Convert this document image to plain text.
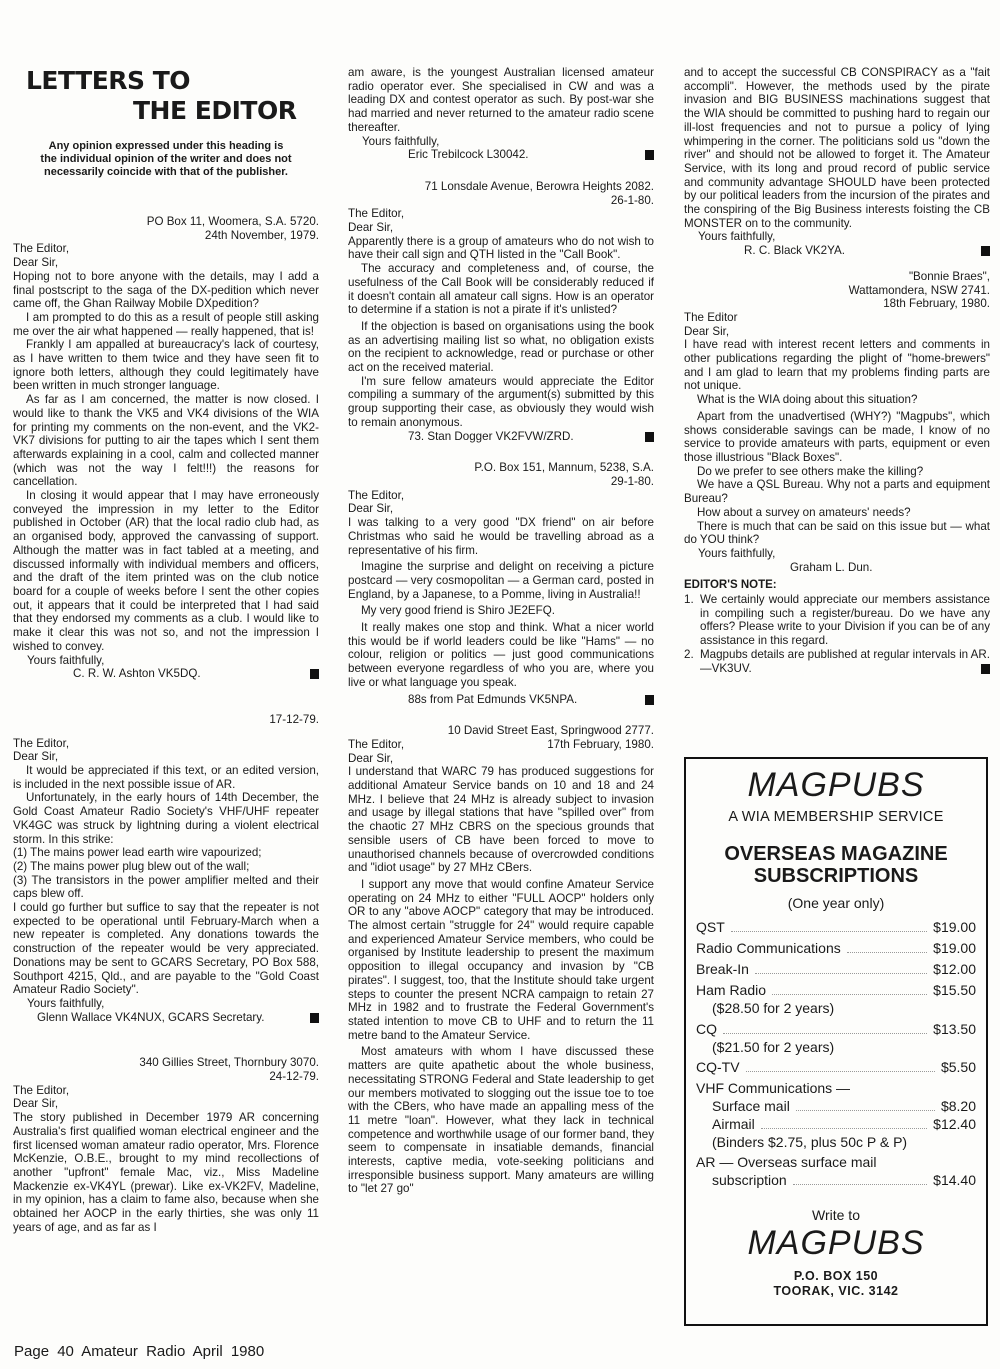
LETTERS TO
THE EDITOR
Any opinion expressed under this heading is the individual opinion of the writer and does not necessarily coincide with that of the publisher.
PO Box 11, Woomera, S.A. 5720.
24th November, 1979.
The Editor,
Dear Sir,
Hoping not to bore anyone with the details, may I add a final postscript to the saga of the DX-pedition which never came off, the Ghan Railway Mobile DXpedition?
I am prompted to do this as a result of people still asking me over the air what happened — really happened, that is!
Frankly I am appalled at bureaucracy's lack of courtesy, as I have written to them twice and they have seen fit to ignore both letters, although they could legitimately have been written in much stronger language.
As far as I am concerned, the matter is now closed. I would like to thank the VK5 and VK4 divisions of the WIA for printing my comments on the non-event, and the VK2-VK7 divisions for putting to air the tapes which I sent them afterwards explaining in a cool, calm and collected manner (which was not the way I felt!!!) the reasons for cancellation.
In closing it would appear that I may have erroneously conveyed the impression in my letter to the Editor published in October (AR) that the local radio club had, as an organised body, approved the canvassing of support. Although the matter was in fact tabled at a meeting, and discussed informally with individual members and officers, and the draft of the item printed was on the club notice board for a couple of weeks before I sent the other copies out, it appears that it could be interpreted that I had said that they endorsed my comments as a club. I would like to make it clear this was not so, and not the impression I wished to convey.
Yours faithfully,
C. R. W. Ashton VK5DQ.
17-12-79.
The Editor,
Dear Sir,
It would be appreciated if this text, or an edited version, is included in the next possible issue of AR.
Unfortunately, in the early hours of 14th December, the Gold Coast Amateur Radio Society's VHF/UHF repeater VK4GC was struck by lightning during a violent electrical storm. In this strike:
(1) The mains power lead earth wire vapourized;
(2) The mains power plug blew out of the wall;
(3) The transistors in the power amplifier melted and their caps blew off.
I could go further but suffice to say that the repeater is not expected to be operational until February-March when a new repeater is completed. Any donations towards the construction of the repeater would be very appreciated. Donations may be sent to GCARS Secretary, PO Box 588, Southport 4215, Qld., and are payable to the "Gold Coast Amateur Radio Society".
Yours faithfully,
Glenn Wallace VK4NUX, GCARS Secretary.
340 Gillies Street, Thornbury 3070.
24-12-79.
The Editor,
Dear Sir,
The story published in December 1979 AR concerning Australia's first qualified woman electrical engineer and the first licensed woman amateur radio operator, Mrs. Florence McKenzie, O.B.E., brought to my mind recollections of another "upfront" female Mac, viz., Miss Madeline Mackenzie ex-VK4YL (prewar). Like ex-VK2FV, Madeline, in my opinion, has a claim to fame also, because when she obtained her AOCP in the early thirties, she was only 11 years of age, and as far as I
am aware, is the youngest Australian licensed amateur radio operator ever. She specialised in CW and was a leading DX and contest operator as such. By post-war she had married and never returned to the amateur radio scene thereafter.
Yours faithfully,
Eric Trebilcock L30042.
71 Lonsdale Avenue, Berowra Heights 2082.
26-1-80.
The Editor,
Dear Sir,
Apparently there is a group of amateurs who do not wish to have their call sign and QTH listed in the "Call Book".
The accuracy and completeness and, of course, the usefulness of the Call Book will be considerably reduced if it doesn't contain all amateur call signs. How is an operator to determine if a station is not a pirate if it's unlisted?
If the objection is based on organisations using the book as an advertising mailing list so what, no obligation exists on the recipient to acknowledge, read or purchase or other act on the received material.
I'm sure fellow amateurs would appreciate the Editor compiling a summary of the argument(s) submitted by this group supporting their case, as obviously they would wish to remain anonymous.
73. Stan Dogger VK2FVW/ZRD.
P.O. Box 151, Mannum, 5238, S.A.
29-1-80.
The Editor,
Dear Sir,
I was talking to a very good "DX friend" on air before Christmas who said he would be travelling abroad as a representative of his firm.
Imagine the surprise and delight on receiving a picture postcard — very cosmopolitan — a German card, posted in England, by a Japanese, to a Pomme, living in Australia!!
My very good friend is Shiro JE2EFQ.
It really makes one stop and think. What a nicer world this would be if world leaders could be like "Hams" — no colour, religion or politics — just good communications between everyone regardless of who you are, where you live or what language you speak.
88s from Pat Edmunds VK5NPA.
10 David Street East, Springwood 2777.
The Editor,	17th February, 1980.
Dear Sir,
I understand that WARC 79 has produced suggestions for additional Amateur Service bands on 10 and 18 and 24 MHz. I believe that 24 MHz is already subject to invasion and usage by illegal stations that have "spilled over" from the chaotic 27 MHz CBRS on the specious grounds that sensible users of CB have been forced to move to unauthorised channels because of overcrowded conditions and "idiot usage" by 27 MHz CBers.
I support any move that would confine Amateur Service operating on 24 MHz to either "FULL AOCP" holders only OR to any "above AOCP" category that may be introduced. The almost certain "struggle for 24" would require capable and experienced Amateur Service members, who could be organised by Institute leadership to present the maximum opposition to illegal occupancy and invasion by "CB pirates". I suggest, too, that the Institute should take urgent steps to counter the present NCRA campaign to retain 27 MHz in 1982 and to frustrate the Federal Government's stated intention to move CB to UHF and to return the 11 metre band to the Amateur Service.
Most amateurs with whom I have discussed these matters are quite apathetic about the whole business, necessitating STRONG Federal and State leadership to get our members motivated to slogging out the issue toe to toe with the CBers, who have made an appalling mess of the 11 metre "loan". However, what they lack in technical competence and worthwhile usage of our former band, they seem to compensate in insatiable demands, financial interests, captive media, vote-seeking politicians and irresponsible business support. Many amateurs are willing to "let 27 go"
and to accept the successful CB CONSPIRACY as a "fait accompli". However, the methods used by the pirate invasion and BIG BUSINESS machinations suggest that the WIA should be committed to pushing hard to regain our ill-lost frequencies and not to pursue a policy of lying whimpering in the corner. The politicians sold us "down the river" and should not be allowed to forget it. The Amateur Service, with its long and proud record of public service and community advantage SHOULD have been protected by our political leaders from the incursion of the pirates and the conspiring of the Big Business interests foisting the CB MONSTER on to the community.
Yours faithfully,
R. C. Black VK2YA.
"Bonnie Braes",
Wattamondera, NSW 2741.
18th February, 1980.
The Editor
Dear Sir,
I have read with interest recent letters and comments in other publications regarding the plight of "home-brewers" and I am glad to learn that my problems finding parts are not unique.
What is the WIA doing about this situation?
Apart from the unadvertised (WHY?) "Magpubs", which shows considerable savings can be made, I know of no service to provide amateurs with parts, equipment or even those illustrious "Black Boxes".
Do we prefer to see others make the killing?
We have a QSL Bureau. Why not a parts and equipment Bureau?
How about a survey on amateurs' needs?
There is much that can be said on this issue but — what do YOU think?
Yours faithfully,
Graham L. Dun.
EDITOR'S NOTE:
1. We certainly would appreciate our members assistance in compiling such a register/bureau. Do we have any offers? Please write to your Division if you can be of any assistance in this regard.
2. Magpubs details are published at regular intervals in AR.—VK3UV.
MAGPUBS
A WIA MEMBERSHIP SERVICE
OVERSEAS MAGAZINE
SUBSCRIPTIONS
(One year only)
QST	$19.00
Radio Communications	$19.00
Break-In	$12.00
Ham Radio	$15.50
($28.50 for 2 years)
CQ	$13.50
($21.50 for 2 years)
CQ-TV	$5.50
VHF Communications —
Surface mail	$8.20
Airmail	$12.40
(Binders $2.75, plus 50c P & P)
AR — Overseas surface mail
subscription	$14.40
Write to
MAGPUBS
P.O. BOX 150
TOORAK, VIC. 3142
Page 40 Amateur Radio April 1980
